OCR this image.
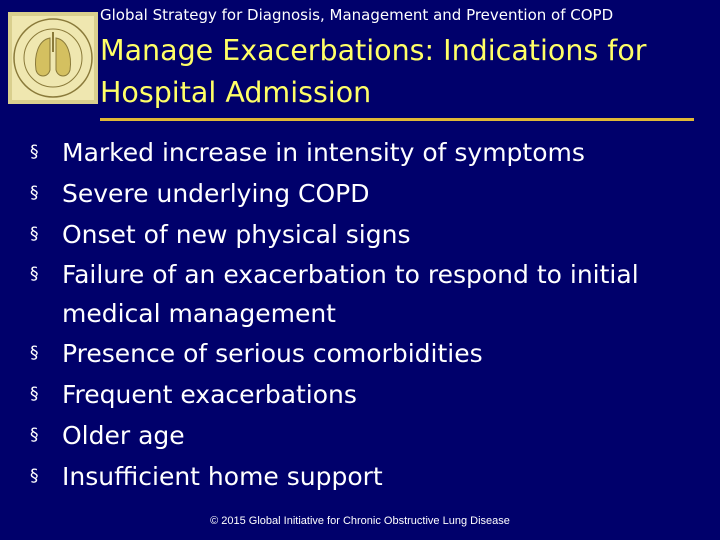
Global Strategy for Diagnosis, Management and Prevention of COPD
Manage Exacerbations: Indications for
Hospital Admission
§ Marked increase in intensity of symptoms
§ Severe underlying COPD
§ Onset of new physical signs
§ Failure of an exacerbation to respond to initial medical management
§ Presence of serious comorbidities
§ Frequent exacerbations
§ Older age
§ Insufficient home support
© 2015 Global Initiative for Chronic Obstructive Lung Disease
